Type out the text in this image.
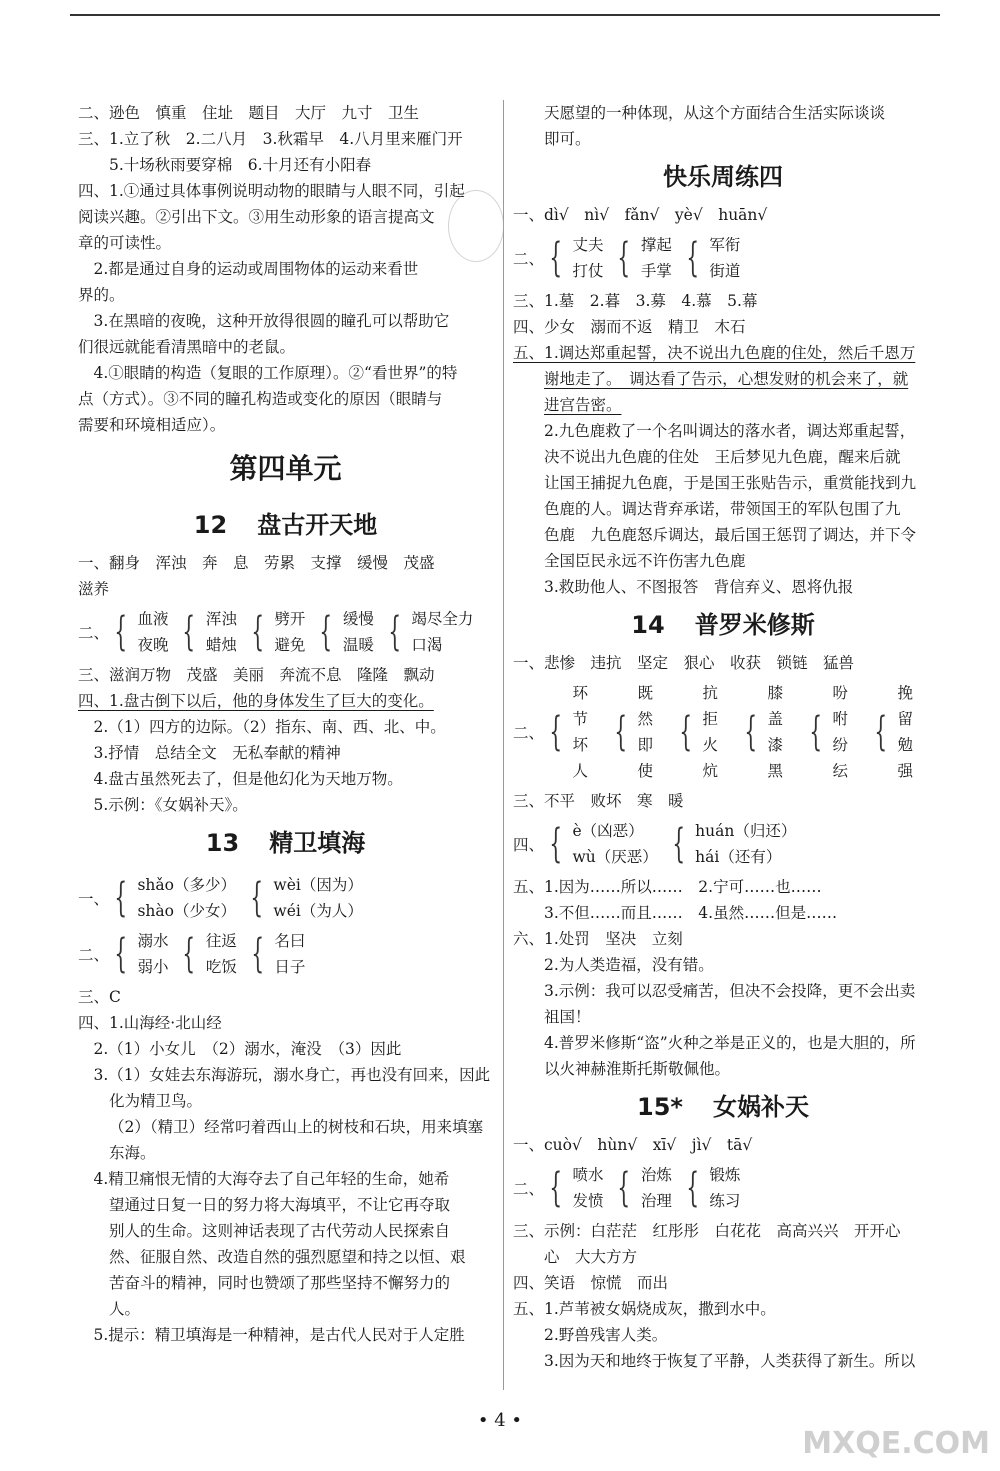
二、逊色　慎重　住址　题目　大厅　九寸　卫生
三、1.立了秋　2.二八月　3.秋霜早　4.八月里来雁门开
5.十场秋雨要穿棉　6.十月还有小阳春
四、1.①通过具体事例说明动物的眼睛与人眼不同，引起
阅读兴趣。②引出下文。③用生动形象的语言提高文
章的可读性。
2.都是通过自身的运动或周围物体的运动来看世
界的。
3.在黑暗的夜晚，这种开放得很圆的瞳孔可以帮助它
们很远就能看清黑暗中的老鼠。
4.①眼睛的构造（复眼的工作原理）。②“看世界”的特
点（方式）。③不同的瞳孔构造或变化的原因（眼睛与
需要和环境相适应）。
第四单元
12 盘古开天地
一、翻身　浑浊　奔　息　劳累　支撑　缓慢　茂盛
滋养
二、 { 血液
夜晚 { 浑浊
蜡烛 { 劈开
避免 { 缓慢
温暖 { 竭尽全力
口渴
三、滋润万物　茂盛　美丽　奔流不息　隆隆　飘动
四、1.盘古倒下以后，他的身体发生了巨大的变化。
2.（1）四方的边际。（2）指东、南、西、北、中。
3.抒情　总结全文　无私奉献的精神
4.盘古虽然死去了，但是他幻化为天地万物。
5.示例：《女娲补天》。
13 精卫填海
一、 { shǎo（多少）
shào（少女） { wèi（因为）
wéi（为人）
二、 { 溺水
弱小 { 往返
吃饭 { 名曰
日子
三、C
四、1.山海经·北山经
2.（1）小女儿　（2）溺水，淹没　（3）因此
3.（1）女娃去东海游玩，溺水身亡，再也没有回来，因此
化为精卫鸟。
（2）（精卫）经常叼着西山上的树枝和石块，用来填塞
东海。
4.精卫痛恨无情的大海夺去了自己年轻的生命，她希
望通过日复一日的努力将大海填平，不让它再夺取
别人的生命。这则神话表现了古代劳动人民探索自
然、征服自然、改造自然的强烈愿望和持之以恒、艰
苦奋斗的精神，同时也赞颂了那些坚持不懈努力的
人。
5.提示：精卫填海是一种精神，是古代人民对于人定胜
天愿望的一种体现，从这个方面结合生活实际谈谈
即可。
快乐周练四
一、dì√　nì√　fǎn√　yè√　huān√
二、 { 丈夫
打仗 { 撑起
手掌 { 军衔
街道
三、1.墓　2.暮　3.募　4.慕　5.幕
四、少女　溺而不返　精卫　木石
五、1.调达郑重起誓，决不说出九色鹿的住处，然后千恩万
谢地走了。　调达看了告示，心想发财的机会来了，就
进宫告密。
2.九色鹿救了一个名叫调达的落水者，调达郑重起誓，
决不说出九色鹿的住处　王后梦见九色鹿，醒来后就
让国王捕捉九色鹿，于是国王张贴告示，重赏能找到九
色鹿的人。调达背弃承诺，带领国王的军队包围了九
色鹿　九色鹿怒斥调达，最后国王惩罚了调达，并下令
全国臣民永远不许伤害九色鹿
3.救助他人、不图报答　背信弃义、恩将仇报
14 普罗米修斯
一、悲惨　违抗　坚定　狠心　收获　锁链　猛兽
二、 {
环节
坏人
{
既然
即使
{
抗拒
火炕
{
膝盖
漆黑
{
吩咐
纷纭
{
挽留
勉强
三、不平　败坏　寒　暖
四、 { è（凶恶）
wù（厌恶） { huán（归还）
hái（还有）
五、1.因为……所以……　2.宁可……也……
3.不但……而且……　4.虽然……但是……
六、1.处罚　坚决　立刻
2.为人类造福，没有错。
3.示例：我可以忍受痛苦，但决不会投降，更不会出卖
祖国！
4.普罗米修斯“盗”火种之举是正义的，也是大胆的，所
以火神赫淮斯托斯敬佩他。
15* 女娲补天
一、cuò√　hùn√　xī√　jì√　tā√
二、 { 喷水
发愤 { 治炼
治理 { 锻炼
练习
三、示例：白茫茫　红彤彤　白花花　高高兴兴　开开心
心　大大方方
四、笑语　惊慌　而出
五、1.芦苇被女娲烧成灰，撒到水中。
2.野兽残害人类。
3.因为天和地终于恢复了平静，人类获得了新生。所以
• 4 •
MXQE.COM
